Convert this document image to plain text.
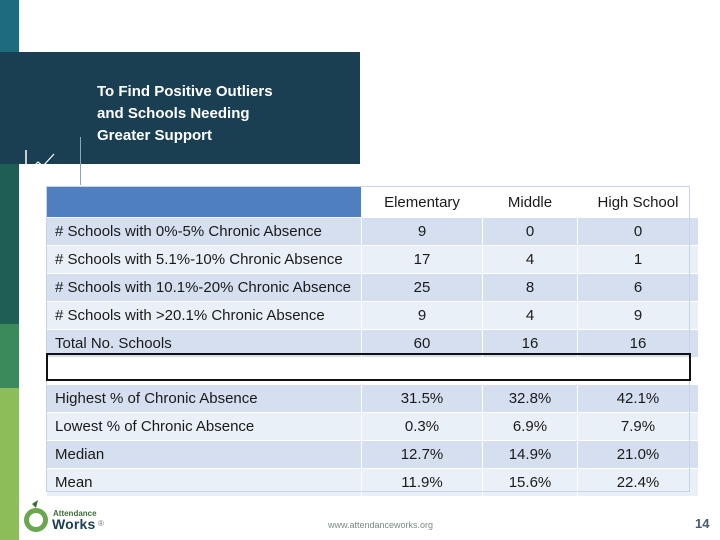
To Find Positive Outliers
and Schools Needing
Greater Support
	Elementary	Middle	High School
# Schools with 0%-5% Chronic Absence	9	0	0
# Schools with 5.1%-10% Chronic Absence	17	4	1
# Schools with 10.1%-20% Chronic Absence	25	8	6
# Schools with >20.1% Chronic Absence	9	4	9
Total No. Schools	60	16	16

Highest % of Chronic Absence	31.5%	32.8%	42.1%
Lowest % of Chronic Absence	0.3%	6.9%	7.9%
Median	12.7%	14.9%	21.0%
Mean	11.9%	15.6%	22.4%
Attendance
Works ®	www.attendanceworks.org	14
